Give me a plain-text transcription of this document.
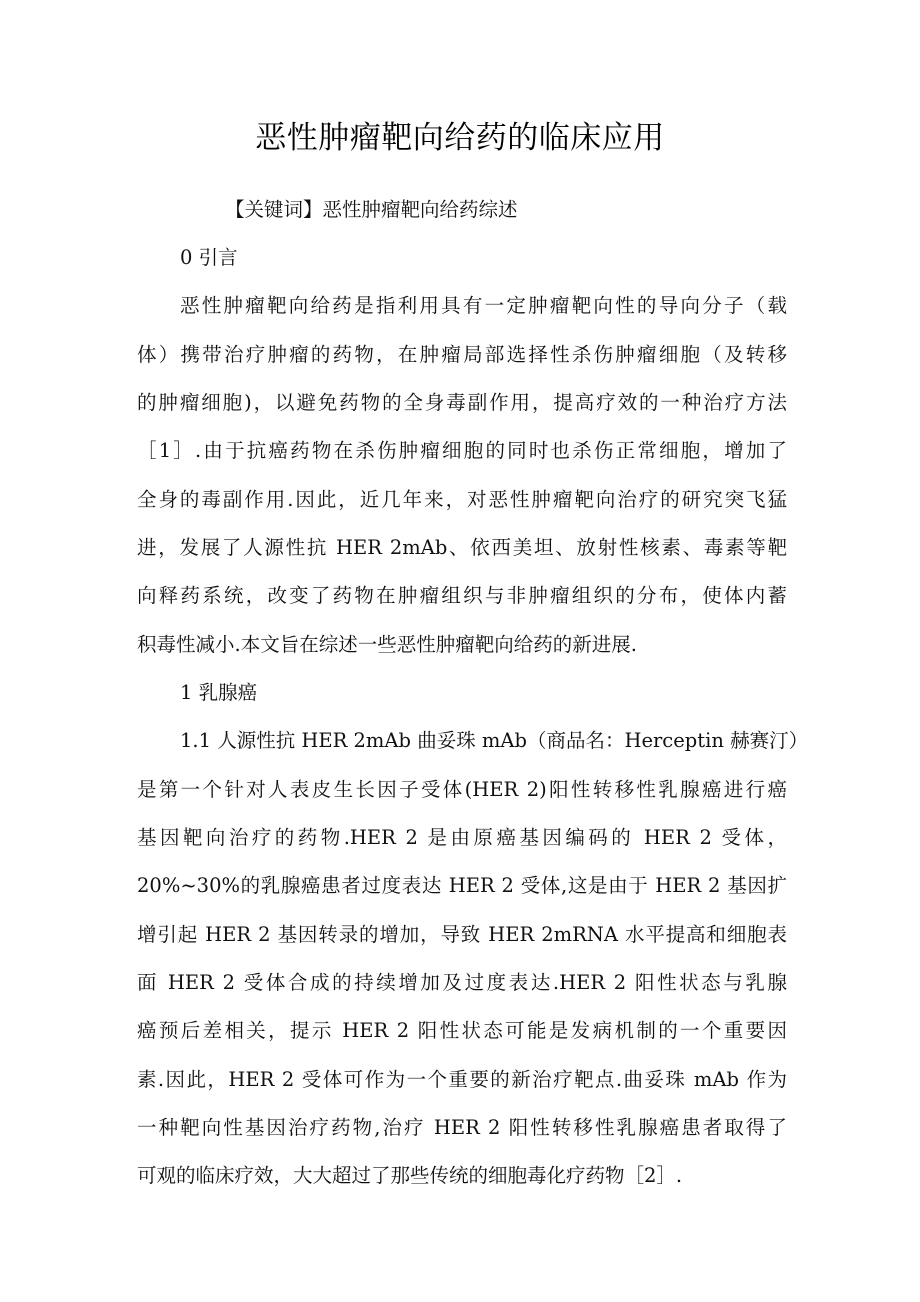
恶性肿瘤靶向给药的临床应用
【关键词】恶性肿瘤靶向给药综述
0 引言
恶性肿瘤靶向给药是指利用具有一定肿瘤靶向性的导向分子（载
体）携带治疗肿瘤的药物，在肿瘤局部选择性杀伤肿瘤细胞（及转移
的肿瘤细胞)，以避免药物的全身毒副作用，提高疗效的一种治疗方法
［1］.由于抗癌药物在杀伤肿瘤细胞的同时也杀伤正常细胞，增加了
全身的毒副作用.因此，近几年来，对恶性肿瘤靶向治疗的研究突飞猛
进，发展了人源性抗 HER 2mAb、依西美坦、放射性核素、毒素等靶
向释药系统，改变了药物在肿瘤组织与非肿瘤组织的分布，使体内蓄
积毒性减小.本文旨在综述一些恶性肿瘤靶向给药的新进展.
1 乳腺癌
1.1 人源性抗 HER 2mAb 曲妥珠 mAb（商品名：Herceptin 赫赛汀）
是第一个针对人表皮生长因子受体(HER 2)阳性转移性乳腺癌进行癌
基因靶向治疗的药物.HER 2 是由原癌基因编码的 HER 2 受体，
20%~30%的乳腺癌患者过度表达 HER 2 受体,这是由于 HER 2 基因扩
增引起 HER 2 基因转录的增加，导致 HER 2mRNA 水平提高和细胞表
面 HER 2 受体合成的持续增加及过度表达.HER 2 阳性状态与乳腺
癌预后差相关，提示 HER 2 阳性状态可能是发病机制的一个重要因
素.因此，HER 2 受体可作为一个重要的新治疗靶点.曲妥珠 mAb 作为
一种靶向性基因治疗药物,治疗 HER 2 阳性转移性乳腺癌患者取得了
可观的临床疗效，大大超过了那些传统的细胞毒化疗药物［2］.
